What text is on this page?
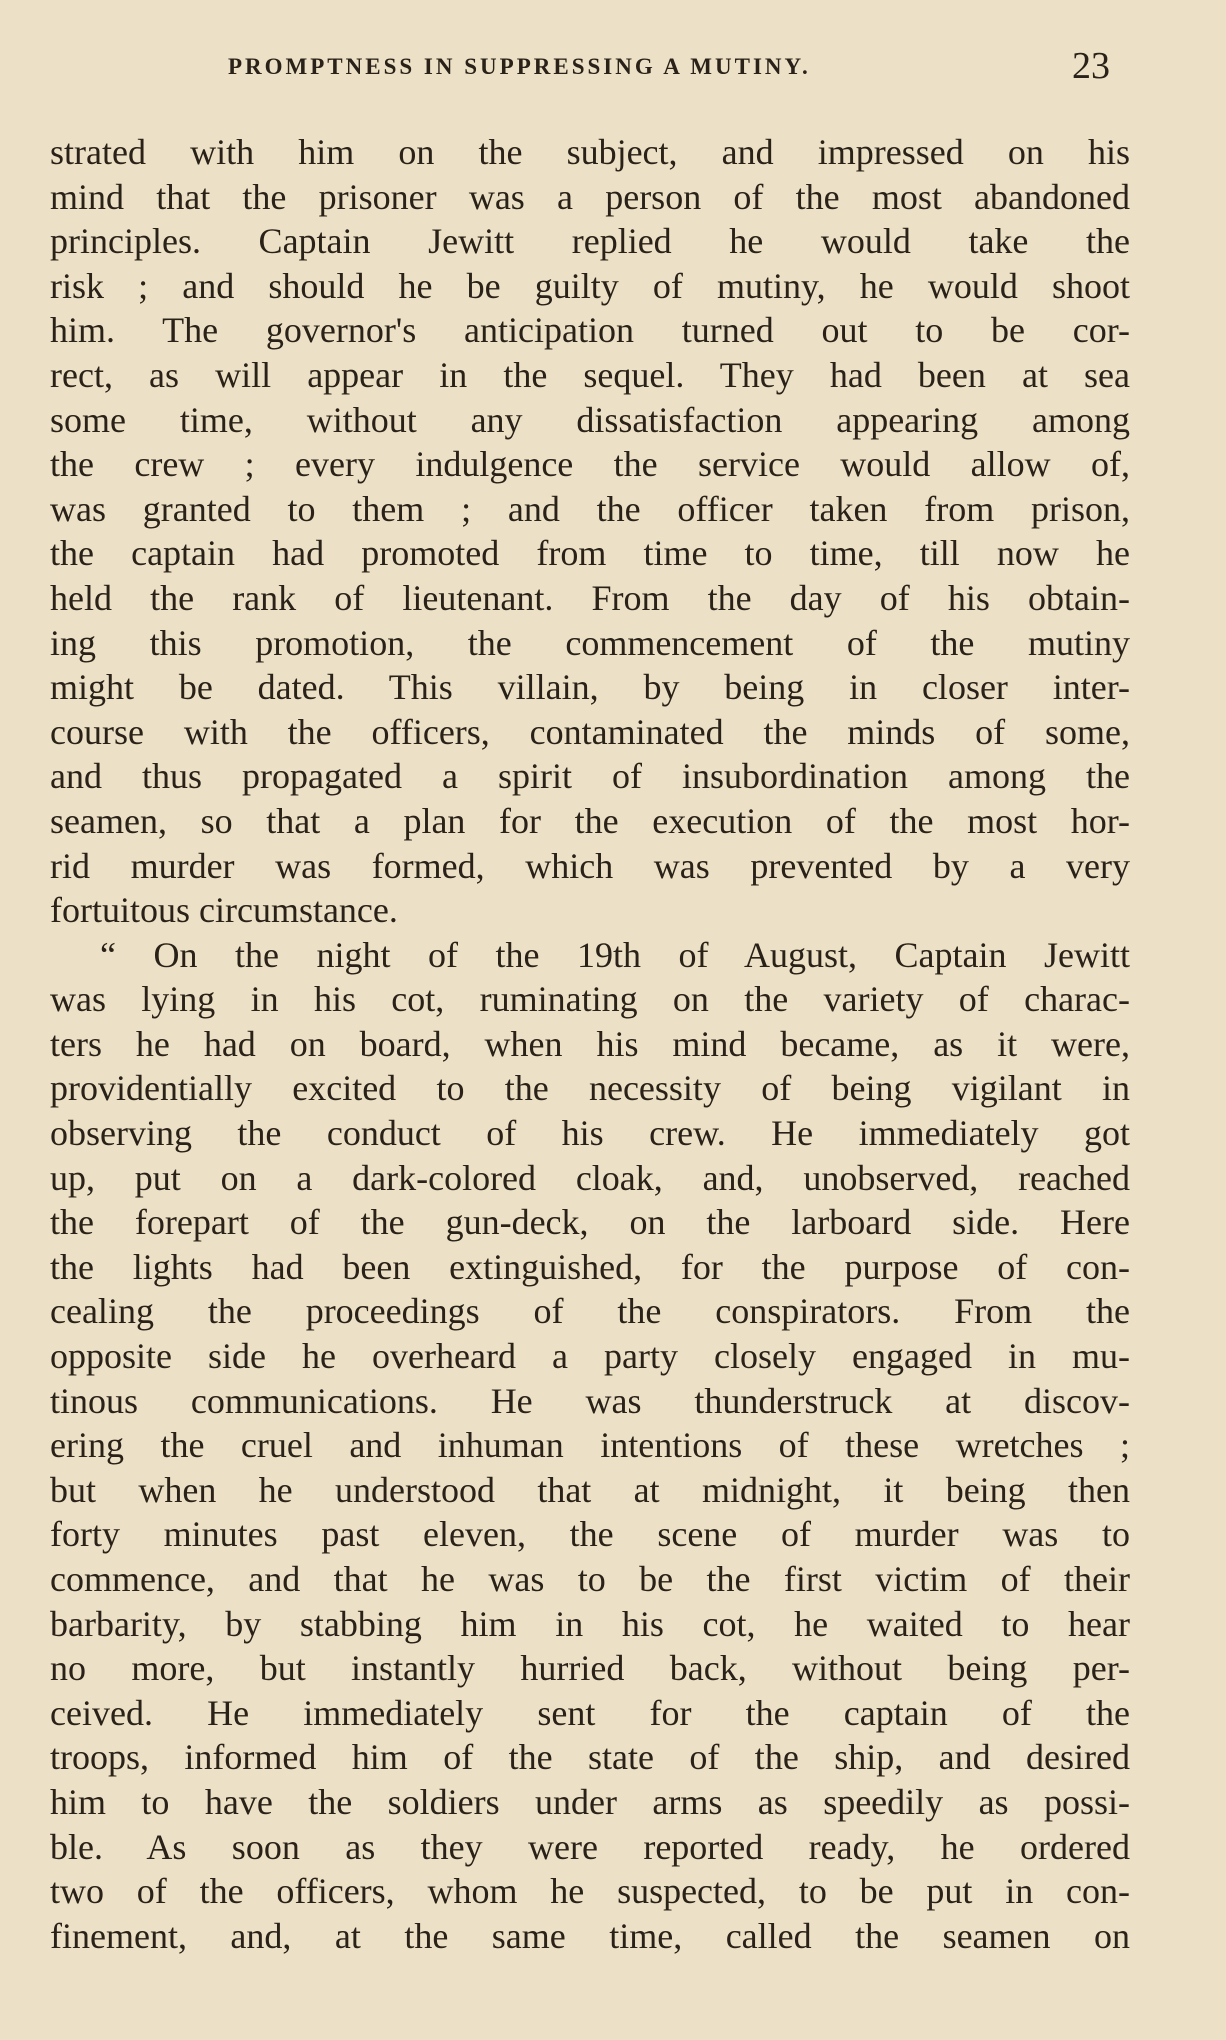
PROMPTNESS IN SUPPRESSING A MUTINY.	23
strated with him on the subject, and impressed on his
mind that the prisoner was a person of the most abandoned
principles. Captain Jewitt replied he would take the
risk ; and should he be guilty of mutiny, he would shoot
him. The governor's anticipation turned out to be cor-
rect, as will appear in the sequel. They had been at sea
some time, without any dissatisfaction appearing among
the crew ; every indulgence the service would allow of,
was granted to them ; and the officer taken from prison,
the captain had promoted from time to time, till now he
held the rank of lieutenant. From the day of his obtain-
ing this promotion, the commencement of the mutiny
might be dated. This villain, by being in closer inter-
course with the officers, contaminated the minds of some,
and thus propagated a spirit of insubordination among the
seamen, so that a plan for the execution of the most hor-
rid murder was formed, which was prevented by a very
fortuitous circumstance.
“ On the night of the 19th of August, Captain Jewitt
was lying in his cot, ruminating on the variety of charac-
ters he had on board, when his mind became, as it were,
providentially excited to the necessity of being vigilant in
observing the conduct of his crew. He immediately got
up, put on a dark-colored cloak, and, unobserved, reached
the forepart of the gun-deck, on the larboard side. Here
the lights had been extinguished, for the purpose of con-
cealing the proceedings of the conspirators. From the
opposite side he overheard a party closely engaged in mu-
tinous communications. He was thunderstruck at discov-
ering the cruel and inhuman intentions of these wretches ;
but when he understood that at midnight, it being then
forty minutes past eleven, the scene of murder was to
commence, and that he was to be the first victim of their
barbarity, by stabbing him in his cot, he waited to hear
no more, but instantly hurried back, without being per-
ceived. He immediately sent for the captain of the
troops, informed him of the state of the ship, and desired
him to have the soldiers under arms as speedily as possi-
ble. As soon as they were reported ready, he ordered
two of the officers, whom he suspected, to be put in con-
finement, and, at the same time, called the seamen on
